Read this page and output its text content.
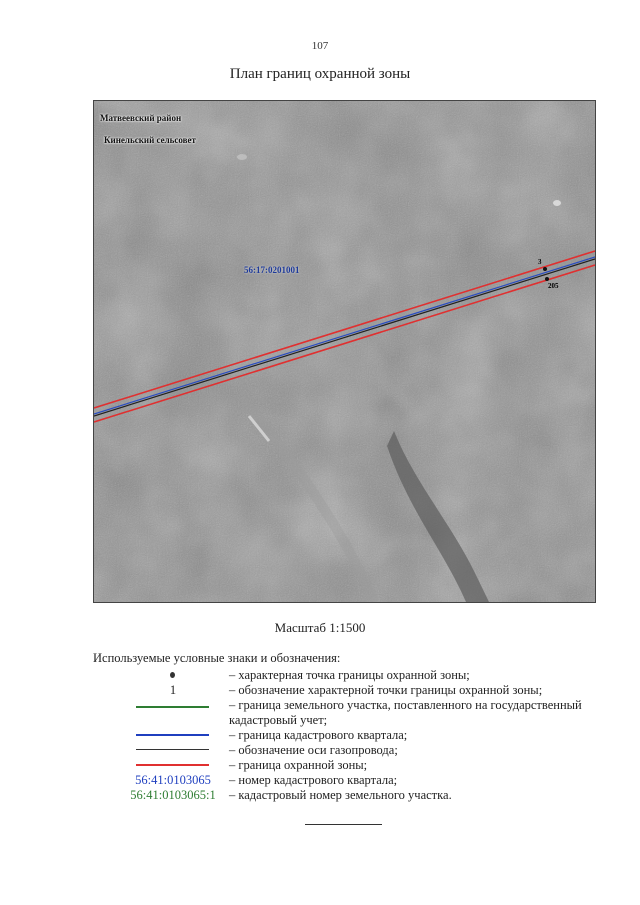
107
План границ охранной зоны
Матвеевский район
Кинельский сельсовет
56:17:0201001
3
205
Масштаб 1:1500
Используемые условные знаки и обозначения:
– характерная точка границы охранной зоны;
1	– обозначение характерной точки границы охранной зоны;
– граница земельного участка, поставленного на государственный кадастровый учет;
– граница кадастрового квартала;
– обозначение оси газопровода;
– граница охранной зоны;
56:41:0103065	– номер кадастрового квартала;
56:41:0103065:1	– кадастровый номер земельного участка.
